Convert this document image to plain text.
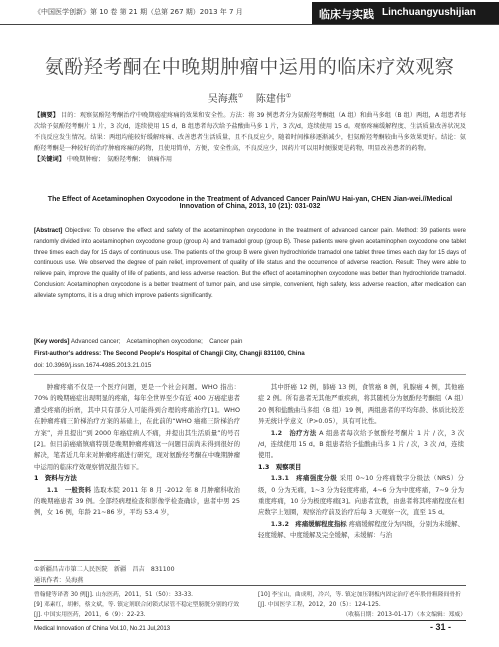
《中国医学创新》第 10 卷 第 21 期（总第 267 期）2013 年 7 月	临床与实践 Linchuangyushijian
氨酚羟考酮在中晚期肿瘤中运用的临床疗效观察
吴海燕① 陈建伟①
【摘要】 目的：观察氨酚羟考酮治疗中晚期癌症疼痛的效果和安全性。方法：将 39 例患者分为氨酚羟考酮组（A 组）和曲马多组（B 组）两组，A 组患者每次给予氨酚羟考酮片 1 片，3 次/d，连续使用 15 d，B 组患者每次给予盐酸曲马多 1 片，3 次/d，连续使用 15 d。观察疼痛缓解程度、生活质量改善状况及不良反应发生情况。结果：两组均能较好缓解疼痛、改善患者生活质量，且不良反应少，随着时间推移逐渐减少，但氨酚羟考酮较曲马多效果更好。结论：氨酚羟考酮是一种较好的治疗肿瘤疼痛的药物，且使用简单，方便，安全性高，不良反应少，因药片可以用时便服更是药物，明显改善患者的药物。
【关键词】 中晚期肿瘤；　氨酚羟考酮；　镇痛作用
The Effect of Acetaminophen Oxycodone in the Treatment of Advanced Cancer Pain/WU Hai-yan, CHEN Jian-wei.//Medical Innovation of China, 2013, 10 (21): 031-032
[Abstract] Objective: To observe the effect and safety of the acetaminophen oxycodone in the treatment of advanced cancer pain. Method: 39 patients were randomly divided into acetaminophen oxycodone group (group A) and tramadol group (group B). These patients were given acetaminophen oxycodone one tablet three times each day for 15 days of continuous use. The patients of the group B were given hydrochloride tramadol one tablet three times each day for 15 days of continuous use. We observed the degree of pain relief, improvement of quality of life status and the occurrence of adverse reaction. Result: They were able to relieve pain, improve the quality of life of patients, and less adverse reaction. But the effect of acetaminophen oxycodone was better than hydrochloride tramadol. Conclusion: Acetaminophen oxycodone is a better treatment of tumor pain, and use simple, convenient, high safety, less adverse reaction, after medication can alleviate symptoms, it is a drug which improve patients significantly.
[Key words] Advanced cancer;　Acetaminophen oxycodone;　Cancer pain
First-author's address: The Second People's Hospital of Changji City, Changji 831100, China
doi: 10.3969/j.issn.1674-4985.2013.21.015

肿瘤疼痛不仅是一个医疗问题，更是一个社会问题。WHO 指出：70% 的晚期癌症出现明显的疼痛，每年全世界至少有近 400 万癌症患者遭受疼痛的折磨，其中只有部分人可能得到合理的疼痛治疗[1]。WHO 在肿瘤疼痛三阶梯治疗方案的基础上，在此前的“WHO 癌痛三阶梯治疗方案”，并且提出“到 2000 年癌症病人不痛，并提出其生活质量”的号召[2]。但目前癌痛镇痛特别是晚期肿瘤疼痛这一问题目前尚未得到很好的解决，笔者近几年来对肿瘤疼痛进行研究，现对氨酚羟考酮在中晚期肿瘤中运用的临床疗效观察情况报告如下。

1　资料与方法

1.1　一般资料 选取本院 2011 年 8 月 -2012 年 8 月肿瘤科收治的晚期癌患者 39 例。全部经病理检查和影像学检查确诊，患者中男 25 例，女 16 例，年龄 21~86 岁，平均 53.4 岁，

①新疆昌吉市第二人民医院　新疆　昌吉　831100
通讯作者：吴海燕

其中肝癌 12 例，肺癌 13 例，食管癌 8 例，乳腺癌 4 例，其他癌症 2 例。所有患者无其他严重疾病，将其随机分为氨酚羟考酮组（A 组）20 例和盐酸曲马多组（B 组）19 例，两组患者的平均年龄、体质比较差异无统计学意义（P>0.05），具有可比性。

1.2　治疗方法 A 组患者每次给予氨酚羟考酮片 1 片 / 次，3 次 /d，连续使用 15 d。B 组患者给予盐酸曲马多 1 片 / 次，3 次 /d，连续使用。

1.3　观察项目

1.3.1　疼痛强度分级 采用 0~10 分疼痛数字分级法（NRS）分级，0 分为无痛，1~3 分为轻度疼痛，4~6 分为中度疼痛，7~9 分为重度疼痛，10 分为极度疼痛[3]。向患者宣教，由患者将其疼痛程度在相应数字上划圈，观察治疗前及治疗后每 3 天观察一次，直至 15 d。

1.3.2　疼痛缓解程度指标 疼痛缓解程度分为四级，分别为未缓解、轻度缓解、中度缓解及完全缓解，未缓解：与治

曾翰健等译著 30 例[J]. 山东医药，2011，51（50）：33-33.
[9] 邓素红，胡彬，蔡文斌，等. 镇定剂联合闭锁式尿管不稳定型膀胱分别的疗效[J]. 中国实用医药，2011，6（9）：22-23.
[10] 李宝山，曲成明，冷兴，等. 镇定加压钢板内固定治疗老年股骨粗隆间骨折[J]. 中国医学工程，2012，20（5）：124-125.
（收稿日期：2013-01-17）（本文编辑：郑威）
Medical Innovation of China Vol.10, No.21 Jul,2013	- 31 -
